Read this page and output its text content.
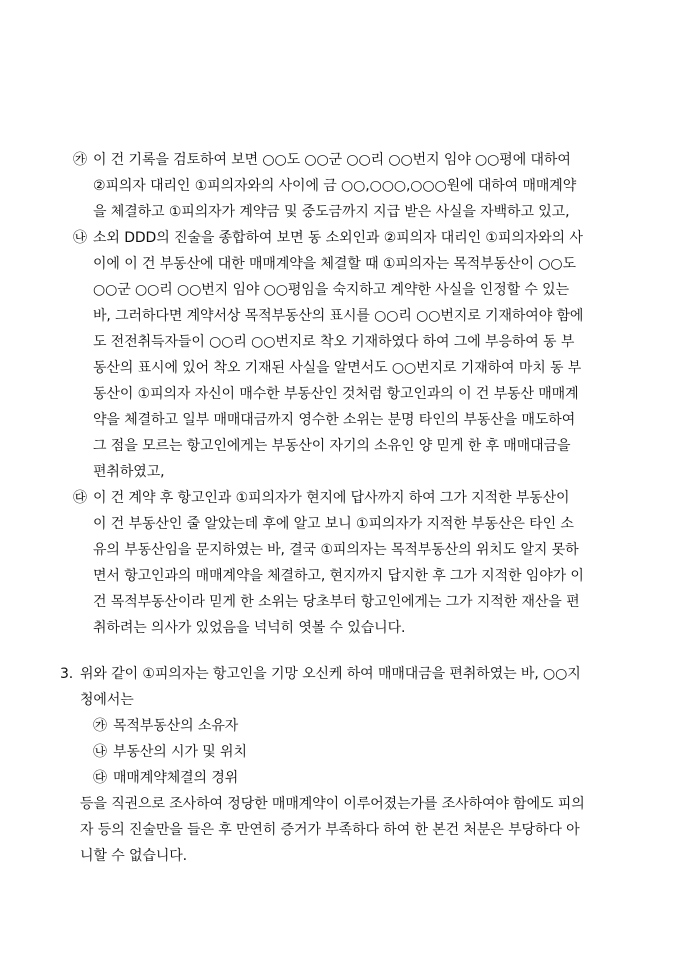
㉮ 이 건 기록을 검토하여 보면 ○○도 ○○군 ○○리 ○○번지 임야 ○○평에 대하여
②피의자 대리인 ①피의자와의 사이에 금 ○○,○○○,○○○원에 대하여 매매계약
을 체결하고 ①피의자가 계약금 및 중도금까지 지급 받은 사실을 자백하고 있고,
㉯ 소외 DDD의 진술을 종합하여 보면 동 소외인과 ②피의자 대리인 ①피의자와의 사
이에 이 건 부동산에 대한 매매계약을 체결할 때 ①피의자는 목적부동산이 ○○도
○○군 ○○리 ○○번지 임야 ○○평임을 숙지하고 계약한 사실을 인정할 수 있는
바, 그러하다면 계약서상 목적부동산의 표시를 ○○리 ○○번지로 기재하여야 함에
도 전전취득자들이 ○○리 ○○번지로 착오 기재하였다 하여 그에 부응하여 동 부
동산의 표시에 있어 착오 기재된 사실을 알면서도 ○○번지로 기재하여 마치 동 부
동산이 ①피의자 자신이 매수한 부동산인 것처럼 항고인과의 이 건 부동산 매매계
약을 체결하고 일부 매매대금까지 영수한 소위는 분명 타인의 부동산을 매도하여
그 점을 모르는 항고인에게는 부동산이 자기의 소유인 양 믿게 한 후 매매대금을
편취하였고,
㉰ 이 건 계약 후 항고인과 ①피의자가 현지에 답사까지 하여 그가 지적한 부동산이
이 건 부동산인 줄 알았는데 후에 알고 보니 ①피의자가 지적한 부동산은 타인 소
유의 부동산임을 문지하였는 바, 결국 ①피의자는 목적부동산의 위치도 알지 못하
면서 항고인과의 매매계약을 체결하고, 현지까지 답지한 후 그가 지적한 임야가 이
건 목적부동산이라 믿게 한 소위는 당초부터 항고인에게는 그가 지적한 재산을 편
취하려는 의사가 있었음을 넉넉히 엿볼 수 있습니다.
3. 위와 같이 ①피의자는 항고인을 기망 오신케 하여 매매대금을 편취하였는 바, ○○지
청에서는
㉮ 목적부동산의 소유자
㉯ 부동산의 시가 및 위치
㉰ 매매계약체결의 경위
등을 직권으로 조사하여 정당한 매매계약이 이루어졌는가를 조사하여야 함에도 피의
자 등의 진술만을 들은 후 만연히 증거가 부족하다 하여 한 본건 처분은 부당하다 아
니할 수 없습니다.
